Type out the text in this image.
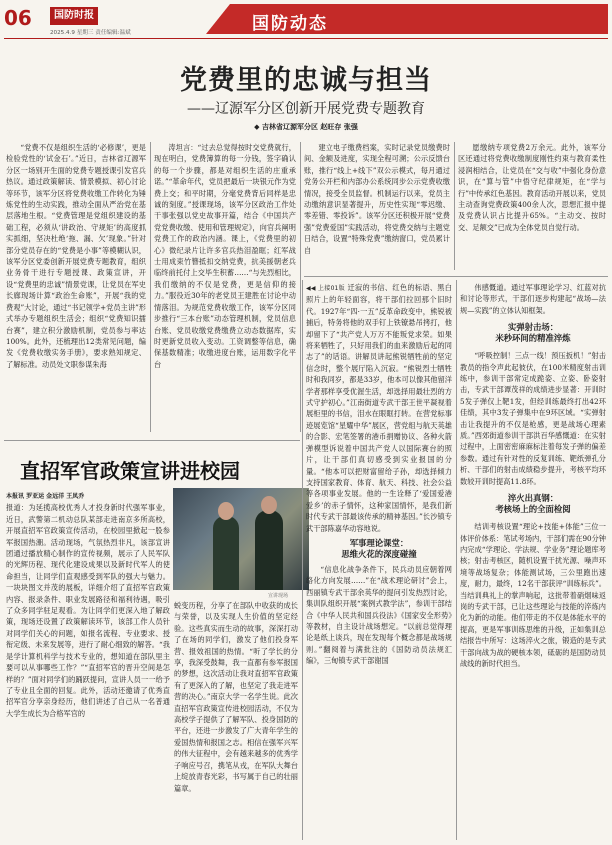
06	国防时报
2025.4.9 星期三 责任编辑:温斌	国防动态
党费里的忠诚与担当
——辽源军分区创新开展党费专题教育
◆ 吉林省辽源军分区 赵旺存 张强

“党费不仅是组织生活的‘必修课’，更是检验党性的‘试金石’。”近日，吉林省辽源军分区一场别开生面的党费专题授课引发官兵热议。通过政策解读、情景模拟、初心讨论等环节，该军分区将党费收缴工作转化为锤炼党性的生动实践，推动全面从严治党在基层落地生根。“党费管理是党组织建设的基础工程，必须从‘讲政治、守规矩’的高度抓实抓细，坚决杜绝‘拖、漏、欠’现象。”针对部分党员存在的“党费是小事”等模糊认识，该军分区党委创新开展党费专题教育，组织业务骨干进行专题授课、政策宣讲，开设“党费里的忠诚”情景党课，让党员在军史长廊现场计算“政治生命账”，开展“我的党费观”大讨论，通过“书记领学+党员主讲”形式举办专题组织生活会；组织“党费知识擂台赛”，建立积分激励机制，党员参与率达100%。此外，还梳理出12类常见问题，编发《党费收缴实务手册》，要求熟知规定、了解标准。动员处文职参谋朱海

涛坦言：“过去总觉得按时交党费就行，现在明白，党费簿算的每一分钱，签字确认的每一个步骤，都是对组织生活的庄重承诺。”“革命年代，党员把最后一块银元作为党费上交；和平时期，分毫党费背后同样是忠诚的刻度。”授课现场，该军分区政治工作处干事张强以党史故事开篇，结合《中国共产党党费收缴、使用和管理规定》，向官兵阐明党费工作的政治内涵。课上，《党费里的初心》微纪录片让许多官兵热泪盈眶；红军战士用成束竹簪抵扣交纳党费，抗美援朝老兵临终前托付上交毕生积蓄……“与先烈相比，我们缴纳的不仅是党费，更是信仰的接力。”服役近30年的老党员王建胜在讨论中动情落泪。为规范党费收缴工作，该军分区同步推行“三本台账”动态管理机制，党员信息台账、党员收缴党费缴费立动态数据库，实时更新党员收入变动。工资调整等信息，确保基数精准；收缴进度台账，运用数字化平台

建立电子缴费档案，实时记录党员缴费时间、金额及进度，实现全程可溯；公示反馈台账，推行“线上+线下”双公示模式，每月通过党务公开栏和内部办公系统同步公示党费收缴情况，接受全员监督。机制运行以来，党员主动缴纳意识显著提升，历史性实现“零迟缴、零差错、零投诉”。该军分区还积极开展“党费强”党费爱国”实践活动，将党费交纳与主题党日结合，设置“特殊党费”缴纳窗口，党员累计自

愿缴纳专项党费2万余元。此外，该军分区还通过将党费收缴制度刚性约束与教育柔性浸润相结合，让党员在“交与收”中强化身份意识，在“算与管”中悟守纪律规矩，在“学与行”中传承红色基因。教育活动开展以来，党员主动查询党费政策400余人次，思想汇报中提及党费认识占比提升65%。“主动交、按时交、足额交”已成为全体党员自觉行动。

直招军官政策宣讲进校园
本报讯 罗亚运 金远洋 王凤乔

报道：为延揽高校优秀人才投身新时代强军事业，近日，武警第二机动总队某部走进南京多所高校，开展直招军官政策宣传活动，在校园里掀起一股参军报国热潮。活动现场，气氛热烈非凡，该部宣讲团通过播放精心制作的宣传视频，展示了人民军队的光辉历程、现代化建设成果以及新时代军人的使命担当，让同学们直观感受到军队的强大与魅力。一块块图文并茂的展板，详细介绍了直招军官政策内容、报录条件、职业发展路径和福利待遇，吸引了众多同学驻足观看。为让同学们更深入地了解政策，现场还设置了政策解读环节，该部工作人员针对同学们关心的问题，如报名流程、专业要求、授衔定级、未来发展等，进行了耐心细致的解答。“我是学计算机科学与技术专业的，想知道在部队里主要可以从事哪些工作？”“直招军官的晋升空间是怎样的？”面对同学们的踊跃提问，宣讲人员一一给予了专业且全面的回复。此外，活动还邀请了优秀直招军官分享亲身经历，他们讲述了自己从一名普通大学生成长为合格军官的

宣讲现场

蜕变历程，分享了在部队中收获的成长与荣誉，以及实现人生价值的坚定经验。这些真实而生动的故事，深深打动了在场的同学们，激发了他们投身军营、报效祖国的热情。“听了学长的分享，我深受鼓舞，我一直都有参军报国的梦想，这次活动让我对直招军官政策有了更深入的了解，也坚定了我走进军营的决心。”南京大学一名学生说。此次直招军官政策宣传进校园活动，不仅为高校学子提供了了解军队、投身国防的平台，还进一步激发了广大青年学生的爱国热情和报国之志。相信在强军兴军的伟大征程中，会有越来越多的优秀学子响应号召，携笔从戎，在军队大舞台上绽放青春光彩，书写属于自己的壮丽篇章。

◀◀ 上接01版 迁寂的书信、红色的标语、黑白照片上的年轻面容，将干部们拉回那个旧时代。1927年“四·一五”反革命政变中，熊锐被捕后，特务将他的双手钉上铁镣悬吊拷打，他却留下了“共产党人万万不能叛党求荣。如果将来牺牲了，只好用我们的血来激励后起的同志了”的话语。讲解员讲起熊锐牺牲前的坚定信念时，整个展厅陷入沉寂。“熊锐烈士牺牲时和我同岁，都是33岁，他本可以像其他留洋学者那样享受优渥生活，却选择用最壮烈的方式守护初心。”江南街道专武干部王世平凝视着展柜里的书信，泪水在眼眶打转。在营党标事迹展览馆“星耀中华”展区，营党组与航天英雄的合影、宏笔签署的港币捐赠协议、各种火箭弹模型诉说着中国共产党人以国际赛台的照片，让干部们真切感受到实业报国的分量。“他本可以把财富留给子孙，却选择倾力支持国家教育、体育、航天、科技、社会公益等各项事业发展。他的一生诠释了‘爱国爱港爱乡’的赤子情怀，这种家国情怀，是我们新时代专武干部最该传承的精神基因。”长沙镇专武干部陈嘉华动容地说。

军事理论课堂：
思维火花的深度碰撞

“信息化战争条件下，民兵动员应朝着网络化方向发展……”在“战术理论研讨”会上，西丽镇专武干部余英华的提问引发热烈讨论，集训队组织开展“案例式教学法”，参训干部结合《中华人民共和国兵役法》《国家安全形势》等教材，自主设计战场想定。“以前总觉得理论是纸上谈兵，现在发现每个概念都是战场规则。”翻阅着与满批注的《国防动员法规汇编》，三甸镇专武干部谢国

伟感慨道。通过军事理论学习、红蓝对抗和讨论等形式，干部们逐步构建起“战场—法规—实践”的立体认知框架。

实弹射击场：
米秒环间的精准淬炼

“呼吸控制！三点一线！预压扳机！”射击教员的指令声此起彼伏，在100米精度射击训练中，参训干部常定成跪姿、立姿、卧姿射击，专武干部谭茂祥的成绩进步显著：开训时5发子弹仅上靶1发，但经训练最终打出42环佳绩，其中3发子弹集中在9环区域。“实弹射击让我提升的不仅是枪感，更是战场心理素质。”西郊街道参训干部洪百华感慨道：在实射过程中，上面密密麻麻标注着每发子弹的偏差参数。通过有针对性的反复训练、靶纸弹孔分析、干部们的射击成绩稳步提升，考核平均环数较开训时提高11.8环。

淬火出真钢：
考核场上的全面检阅

结训考核设置“理论+技能+体能”三位一体评价体系：笔试考场内，干部们需在90分钟内完成“学理论、学法规、学业务”理论题库考核；射击考核区，随机设置干扰光源、噪声环境等战场复杂；体能测试场，三公里跑出速度，耐力，最终，12名干部获评“训练标兵”。当结训典礼上的掌声响起，这批带着硝烟味返岗的专武干部，已让这些理论与技能的淬炼内化为新的动能。他们带走的不仅是体能水平的提高，更是军事训练思维的升级，正如集训总结报告中所写：这场淬火之旅，锻造的是专武干部向战为战的硬核本领，砥砺的是国防动员战线的新时代担当。
